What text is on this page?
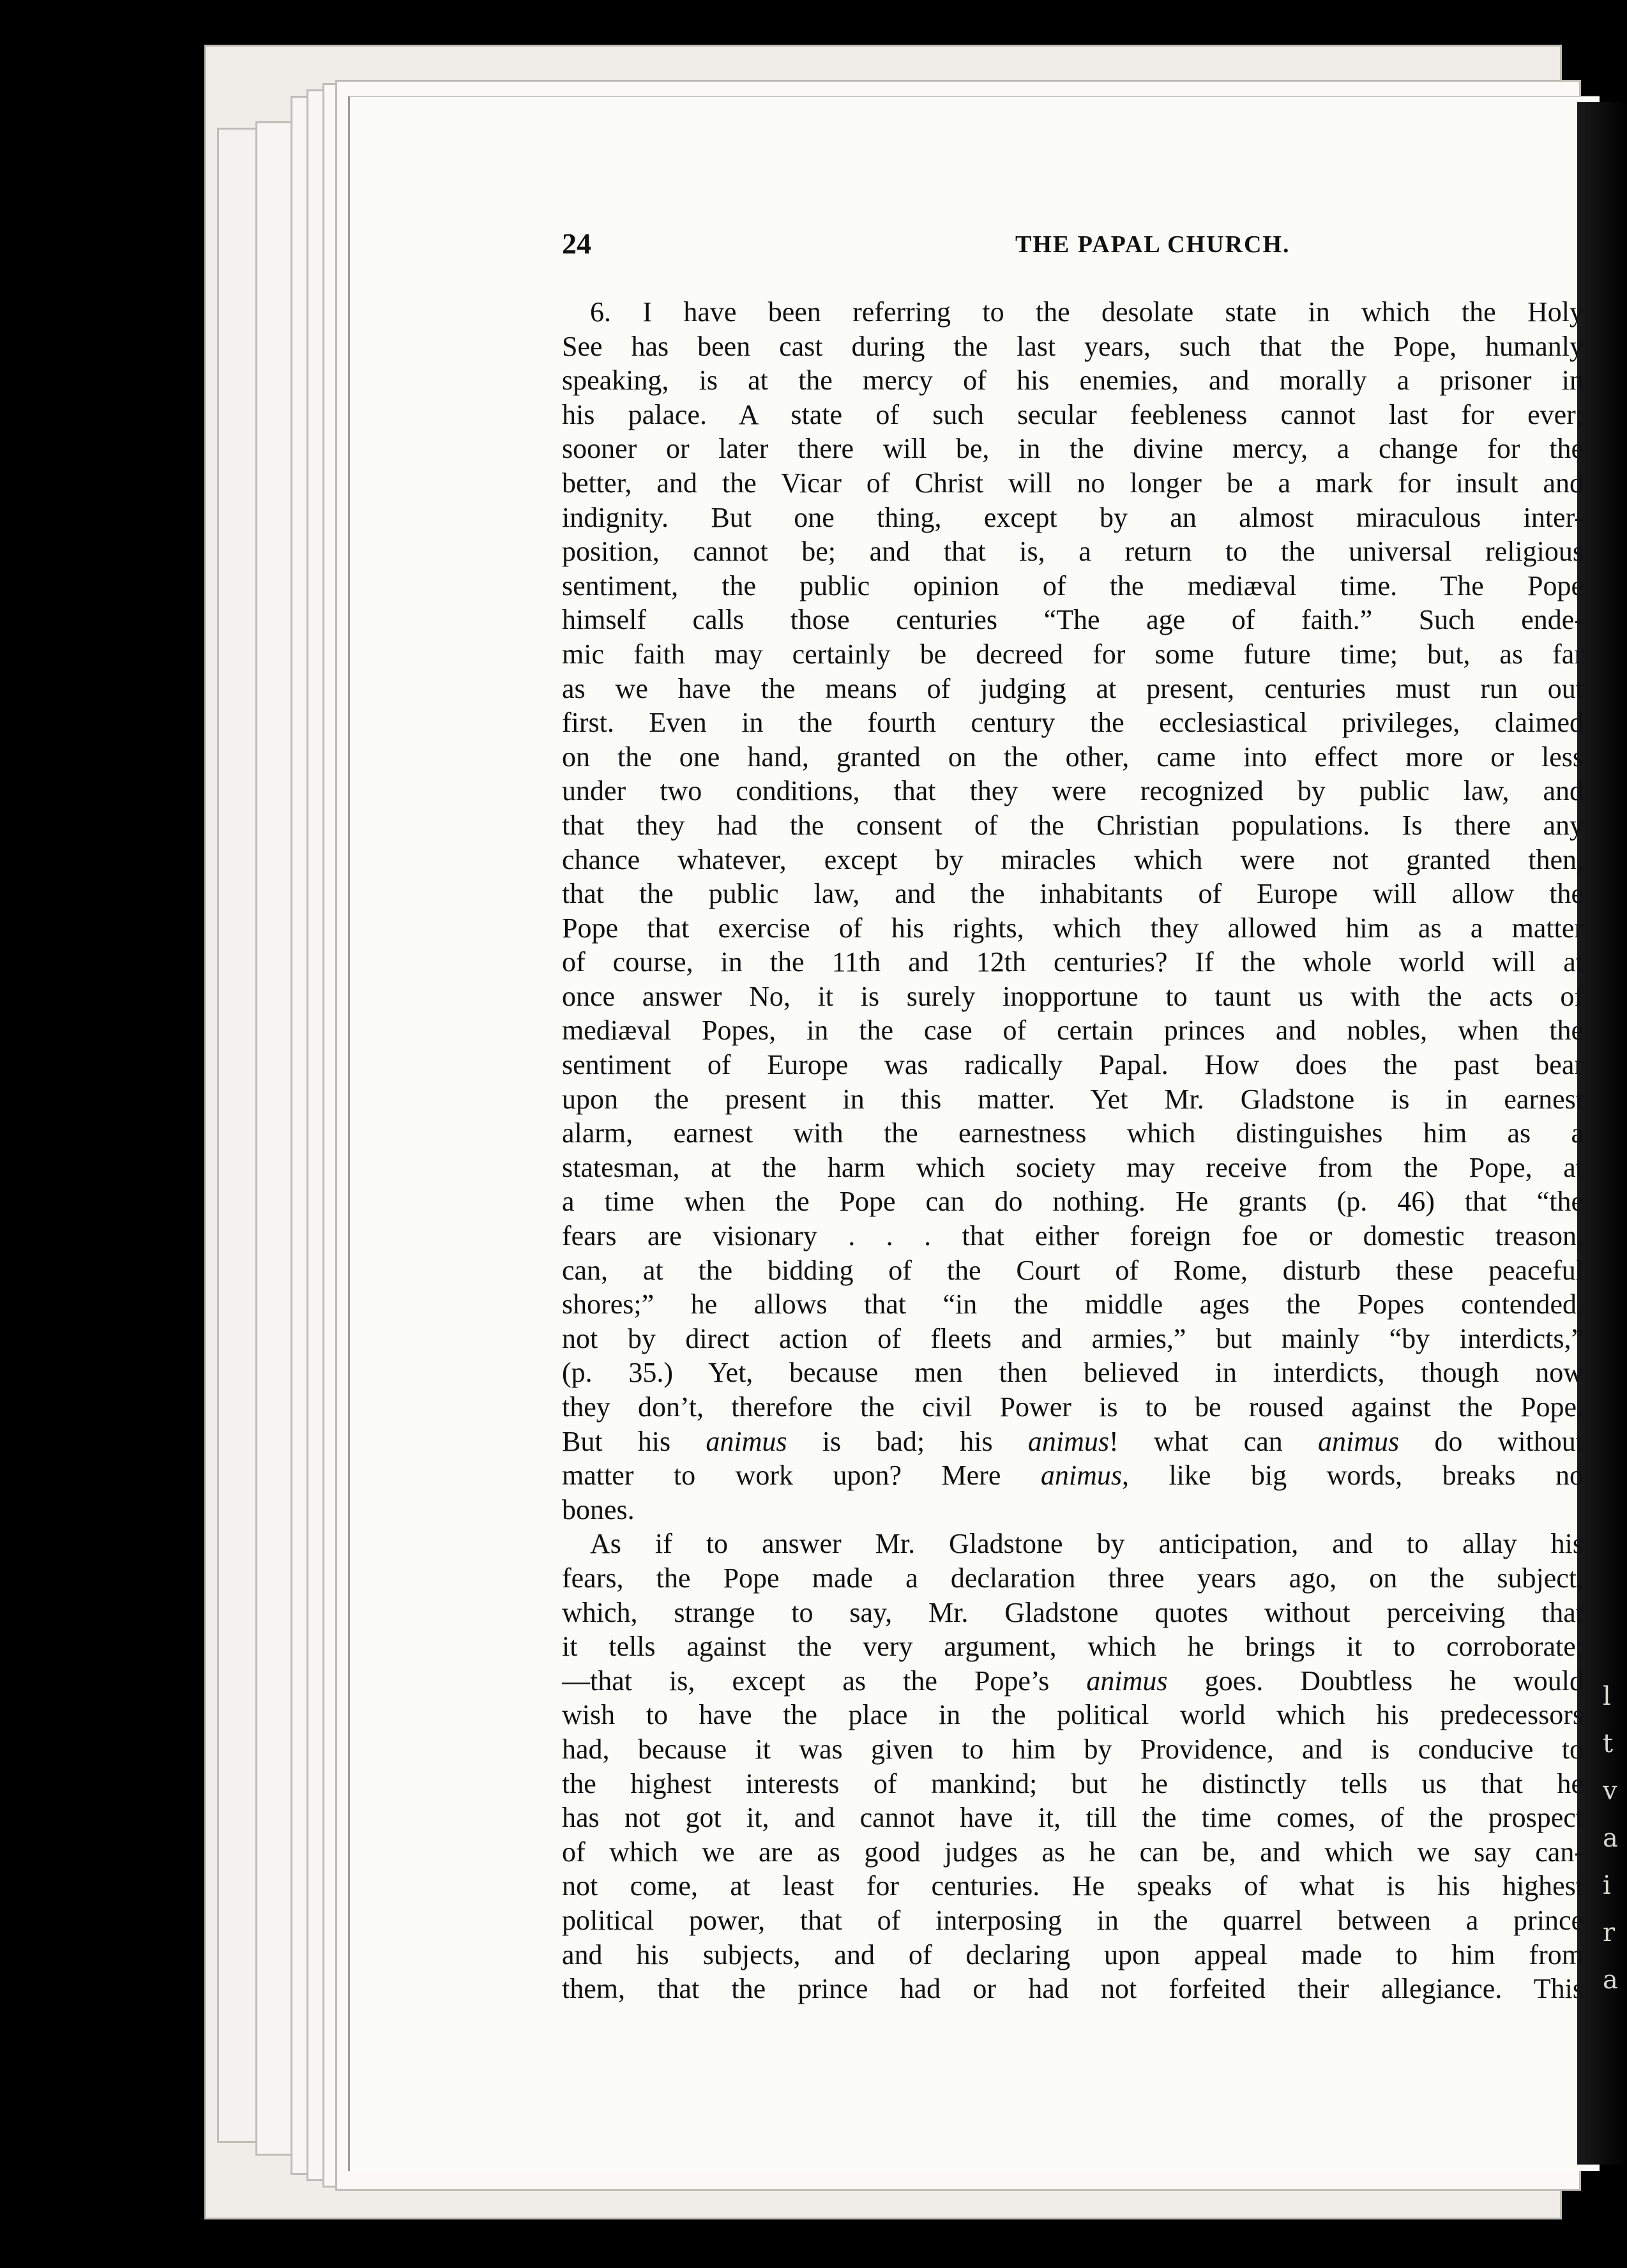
24	THE PAPAL CHURCH.
6. I have been referring to the desolate state in which the Holy
See has been cast during the last years, such that the Pope, humanly
speaking, is at the mercy of his enemies, and morally a prisoner in
his palace. A state of such secular feebleness cannot last for ever;
sooner or later there will be, in the divine mercy, a change for the
better, and the Vicar of Christ will no longer be a mark for insult and
indignity. But one thing, except by an almost miraculous inter-
position, cannot be; and that is, a return to the universal religious
sentiment, the public opinion of the mediæval time. The Pope
himself calls those centuries “The age of faith.” Such ende-
mic faith may certainly be decreed for some future time; but, as far
as we have the means of judging at present, centuries must run out
first. Even in the fourth century the ecclesiastical privileges, claimed
on the one hand, granted on the other, came into effect more or less
under two conditions, that they were recognized by public law, and
that they had the consent of the Christian populations. Is there any
chance whatever, except by miracles which were not granted then,
that the public law, and the inhabitants of Europe will allow the
Pope that exercise of his rights, which they allowed him as a matter
of course, in the 11th and 12th centuries? If the whole world will at
once answer No, it is surely inopportune to taunt us with the acts of
mediæval Popes, in the case of certain princes and nobles, when the
sentiment of Europe was radically Papal. How does the past bear
upon the present in this matter. Yet Mr. Gladstone is in earnest
alarm, earnest with the earnestness which distinguishes him as a
statesman, at the harm which society may receive from the Pope, at
a time when the Pope can do nothing. He grants (p. 46) that “the
fears are visionary . . . that either foreign foe or domestic treason,
can, at the bidding of the Court of Rome, disturb these peaceful
shores;” he allows that “in the middle ages the Popes contended,
not by direct action of fleets and armies,” but mainly “by interdicts,”
(p. 35.) Yet, because men then believed in interdicts, though now
they don’t, therefore the civil Power is to be roused against the Pope.
But his animus is bad; his animus! what can animus do without
matter to work upon? Mere animus, like big words, breaks no
bones.
As if to answer Mr. Gladstone by anticipation, and to allay his
fears, the Pope made a declaration three years ago, on the subject,
which, strange to say, Mr. Gladstone quotes without perceiving that
it tells against the very argument, which he brings it to corroborate;
—that is, except as the Pope’s animus goes. Doubtless he would
wish to have the place in the political world which his predecessors
had, because it was given to him by Providence, and is conducive to
the highest interests of mankind; but he distinctly tells us that he
has not got it, and cannot have it, till the time comes, of the prospect
of which we are as good judges as he can be, and which we say can-
not come, at least for centuries. He speaks of what is his highest
political power, that of interposing in the quarrel between a prince
and his subjects, and of declaring upon appeal made to him from
them, that the prince had or had not forfeited their allegiance. This
l
t
v
a
i
r
a
